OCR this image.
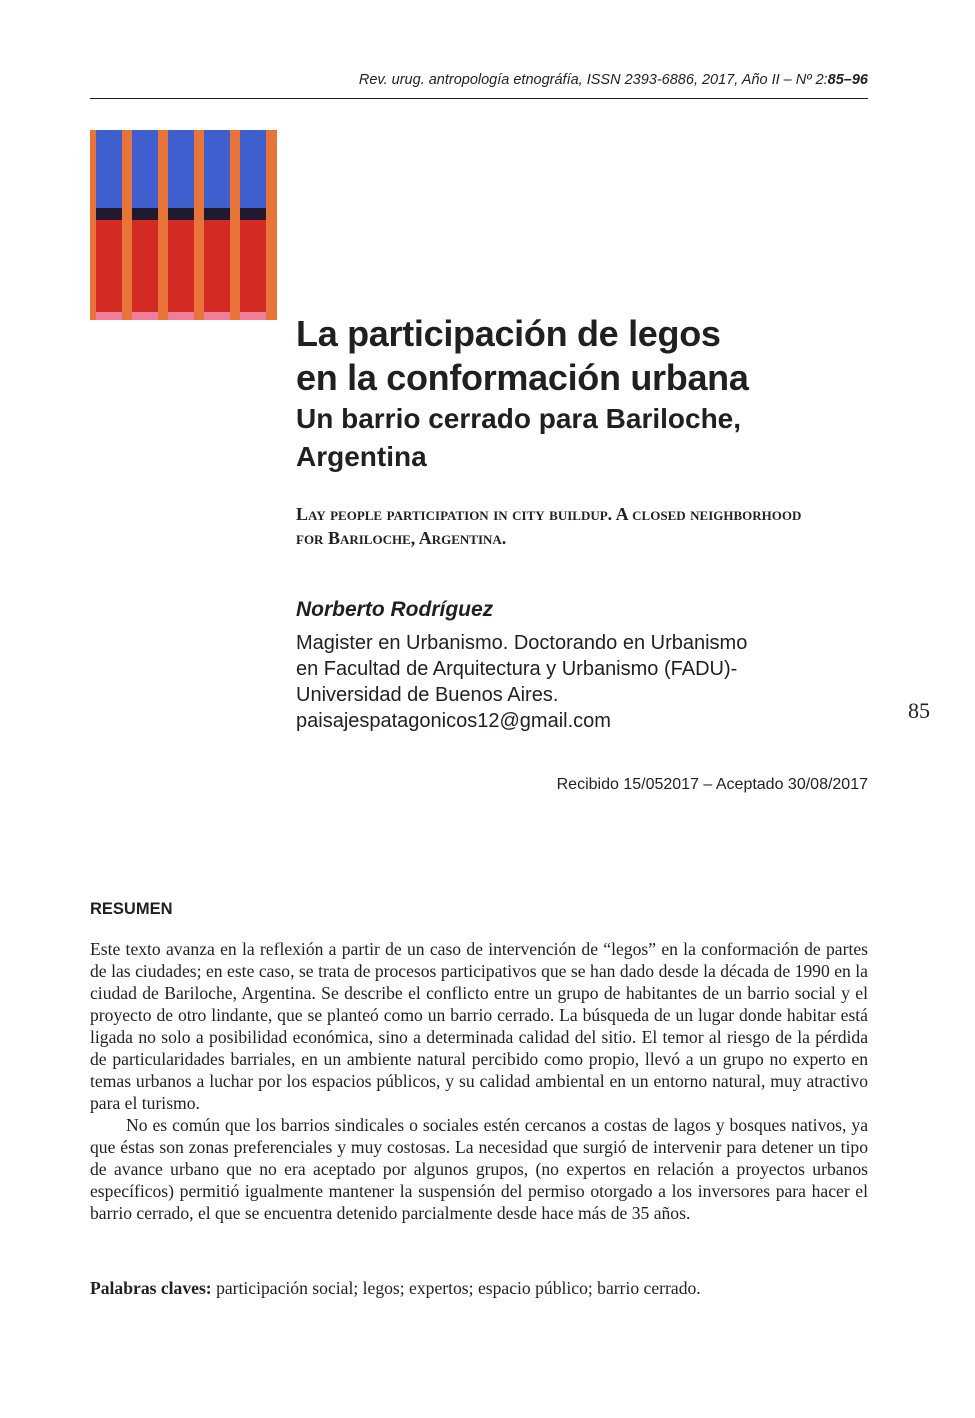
Rev. urug. antropología etnográfía, ISSN 2393-6886, 2017, Año II – Nº 2:85–96
La participación de legos
en la conformación urbana
Un barrio cerrado para Bariloche,
Argentina
Lay people participation in city buildup. A closed neighborhood
for Bariloche, Argentina.
Norberto Rodríguez
Magister en Urbanismo. Doctorando en Urbanismo
en Facultad de Arquitectura y Urbanismo (FADU)-
Universidad de Buenos Aires.
paisajespatagonicos12@gmail.com	85
Recibido 15/052017 – Aceptado 30/08/2017
RESUMEN

Este texto avanza en la reflexión a partir de un caso de intervención de “legos” en la conformación de partes de las ciudades; en este caso, se trata de procesos participativos que se han dado desde la década de 1990 en la ciudad de Bariloche, Argentina. Se describe el conflicto entre un grupo de habitantes de un barrio social y el proyecto de otro lindante, que se planteó como un barrio cerrado. La búsqueda de un lugar donde habitar está ligada no solo a posibilidad económica, sino a determinada calidad del sitio. El temor al riesgo de la pérdida de particularidades barriales, en un ambiente natural percibido como propio, llevó a un grupo no experto en temas urbanos a luchar por los espacios públicos, y su calidad ambiental en un entorno natural, muy atractivo para el turismo.

No es común que los barrios sindicales o sociales estén cercanos a costas de lagos y bosques nativos, ya que éstas son zonas preferenciales y muy costosas. La necesidad que surgió de intervenir para detener un tipo de avance urbano que no era aceptado por algunos grupos, (no expertos en relación a proyectos urbanos específicos) permitió igualmente mantener la suspensión del permiso otorgado a los inversores para hacer el barrio cerrado, el que se encuentra detenido parcialmente desde hace más de 35 años.

Palabras claves: participación social; legos; expertos; espacio público; barrio cerrado.
